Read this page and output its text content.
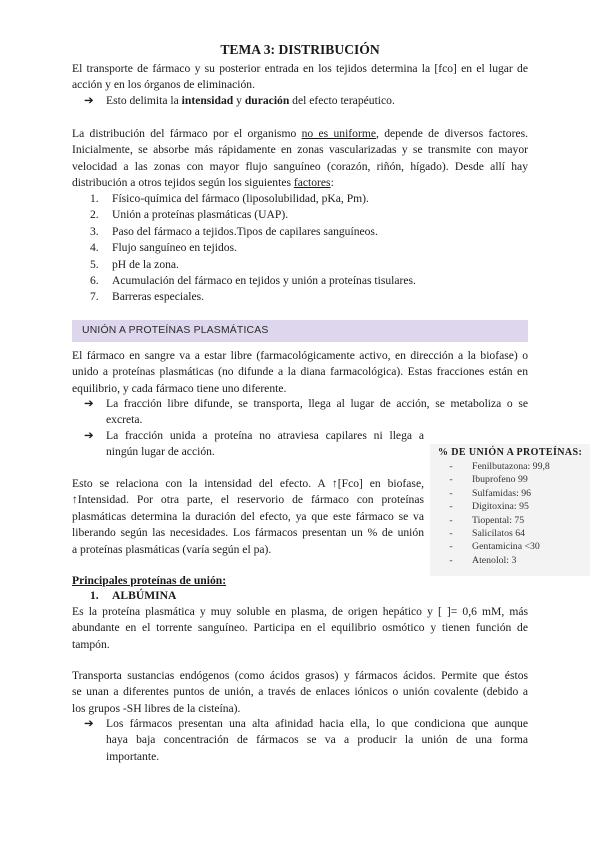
TEMA 3: DISTRIBUCIÓN

El transporte de fármaco y su posterior entrada en los tejidos determina la [fco] en el lugar de

acción y en los órganos de eliminación.

➔	Esto delimita la intensidad y duración del efecto terapéutico.

La distribución del fármaco por el organismo no es uniforme, depende de diversos factores.

Inicialmente, se absorbe más rápidamente en zonas vascularizadas y se transmite con mayor

velocidad a las zonas con mayor flujo sanguíneo (corazón, riñón, hígado). Desde allí hay

distribución a otros tejidos según los siguientes factores:

1.	Físico-química del fármaco (liposolubilidad, pKa, Pm).
2.	Unión a proteínas plasmáticas (UAP).
3.	Paso del fármaco a tejidos.Tipos de capilares sanguíneos.
4.	Flujo sanguíneo en tejidos.
5.	pH de la zona.
6.	Acumulación del fármaco en tejidos y unión a proteínas tisulares.
7.	Barreras especiales.
UNIÓN A PROTEÍNAS PLASMÁTICAS

El fármaco en sangre va a estar libre (farmacológicamente activo, en dirección a la biofase) o

unido a proteínas plasmáticas (no difunde a la diana farmacológica). Estas fracciones están en

equilibrio, y cada fármaco tiene uno diferente.

➔	La fracción libre difunde, se transporta, llega al lugar de acción, se metaboliza o se

excreta.

➔	La fracción unida a proteína no atraviesa capilares ni llega a

ningún lugar de acción.

Esto se relaciona con la intensidad del efecto. A ↑[Fco] en biofase,

↑Intensidad. Por otra parte, el reservorio de fármaco con proteínas

plasmáticas determina la duración del efecto, ya que este fármaco se va

liberando según las necesidades. Los fármacos presentan un % de unión

a proteínas plasmáticas (varía según el pa).

% DE UNIÓN A PROTEÍNAS:
-	Fenilbutazona: 99,8
-	Ibuprofeno 99
-	Sulfamidas: 96
-	Digitoxina: 95
-	Tiopental: 75
-	Salicilatos 64
-	Gentamicina <30
-	Atenolol: 3

Principales proteínas de unión:

1.	ALBÚMINA

Es la proteína plasmática y muy soluble en plasma, de origen hepático y [ ]= 0,6 mM, más

abundante en el torrente sanguíneo. Participa en el equilibrio osmótico y tienen función de

tampón.

Transporta sustancias endógenos (como ácidos grasos) y fármacos ácidos. Permite que éstos

se unan a diferentes puntos de unión, a través de enlaces iónicos o unión covalente (debido a

los grupos -SH libres de la cisteína).

➔	Los fármacos presentan una alta afinidad hacia ella, lo que condiciona que aunque

haya baja concentración de fármacos se va a producir la unión de una forma

importante.
